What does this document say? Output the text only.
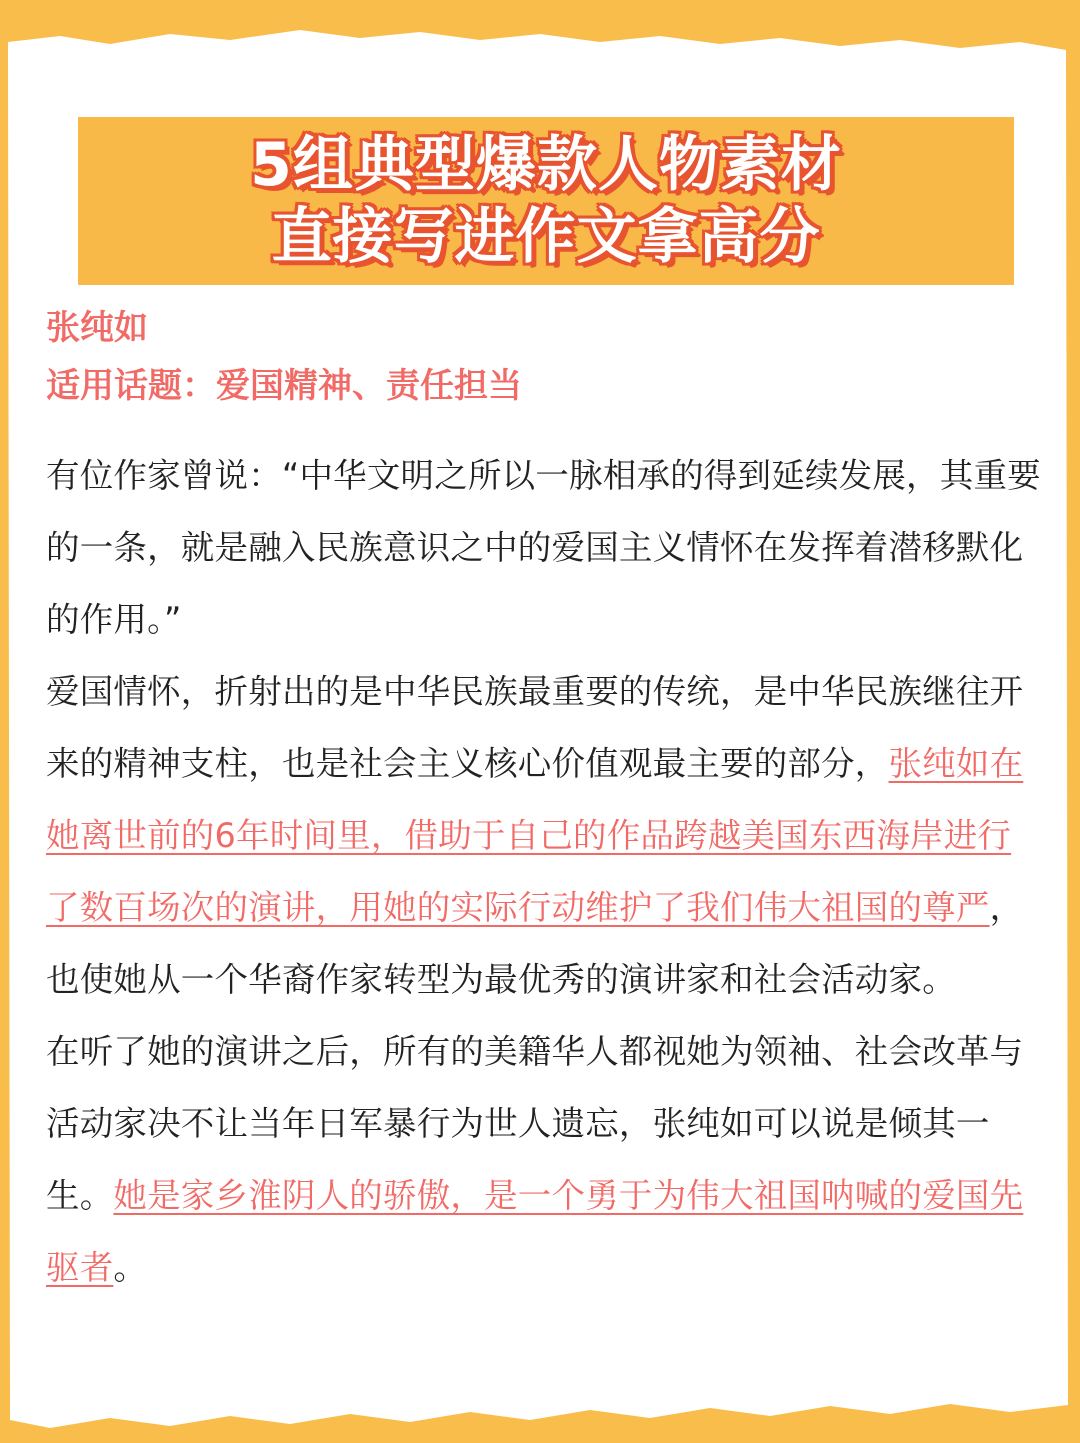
5组典型爆款人物素材
直接写进作文拿高分

张纯如

适用话题：爱国精神、责任担当

有位作家曾说：“中华文明之所以一脉相承的得到延续发展，其重要的一条，就是融入民族意识之中的爱国主义情怀在发挥着潜移默化的作用。”

爱国情怀，折射出的是中华民族最重要的传统，是中华民族继往开来的精神支柱，也是社会主义核心价值观最主要的部分，张纯如在她离世前的6年时间里，借助于自己的作品跨越美国东西海岸进行了数百场次的演讲，用她的实际行动维护了我们伟大祖国的尊严，也使她从一个华裔作家转型为最优秀的演讲家和社会活动家。

在听了她的演讲之后，所有的美籍华人都视她为领袖、社会改革与活动家决不让当年日军暴行为世人遗忘，张纯如可以说是倾其一生。她是家乡淮阴人的骄傲，是一个勇于为伟大祖国呐喊的爱国先驱者。
